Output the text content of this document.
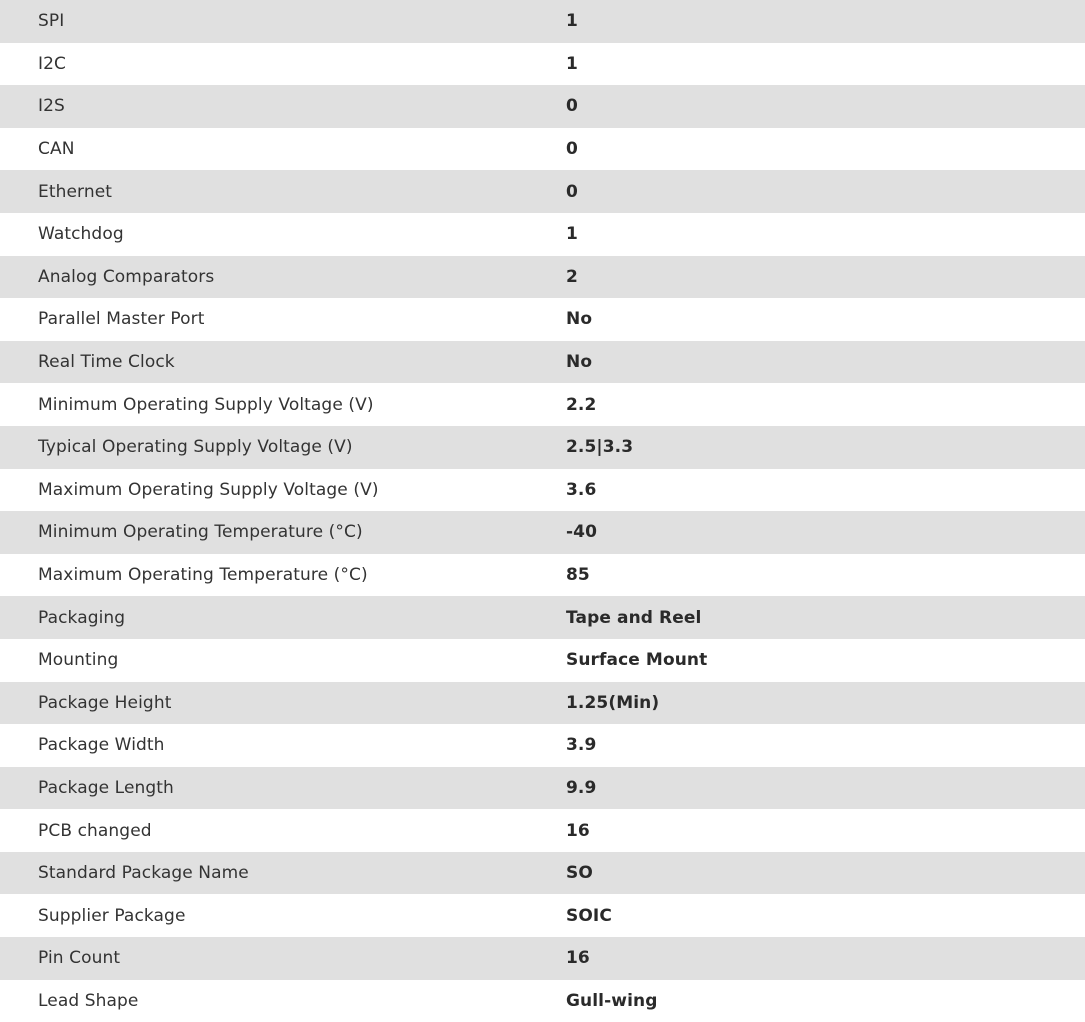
SPI	1
I2C	1
I2S	0
CAN	0
Ethernet	0
Watchdog	1
Analog Comparators	2
Parallel Master Port	No
Real Time Clock	No
Minimum Operating Supply Voltage (V)	2.2
Typical Operating Supply Voltage (V)	2.5|3.3
Maximum Operating Supply Voltage (V)	3.6
Minimum Operating Temperature (°C)	-40
Maximum Operating Temperature (°C)	85
Packaging	Tape and Reel
Mounting	Surface Mount
Package Height	1.25(Min)
Package Width	3.9
Package Length	9.9
PCB changed	16
Standard Package Name	SO
Supplier Package	SOIC
Pin Count	16
Lead Shape	Gull-wing
